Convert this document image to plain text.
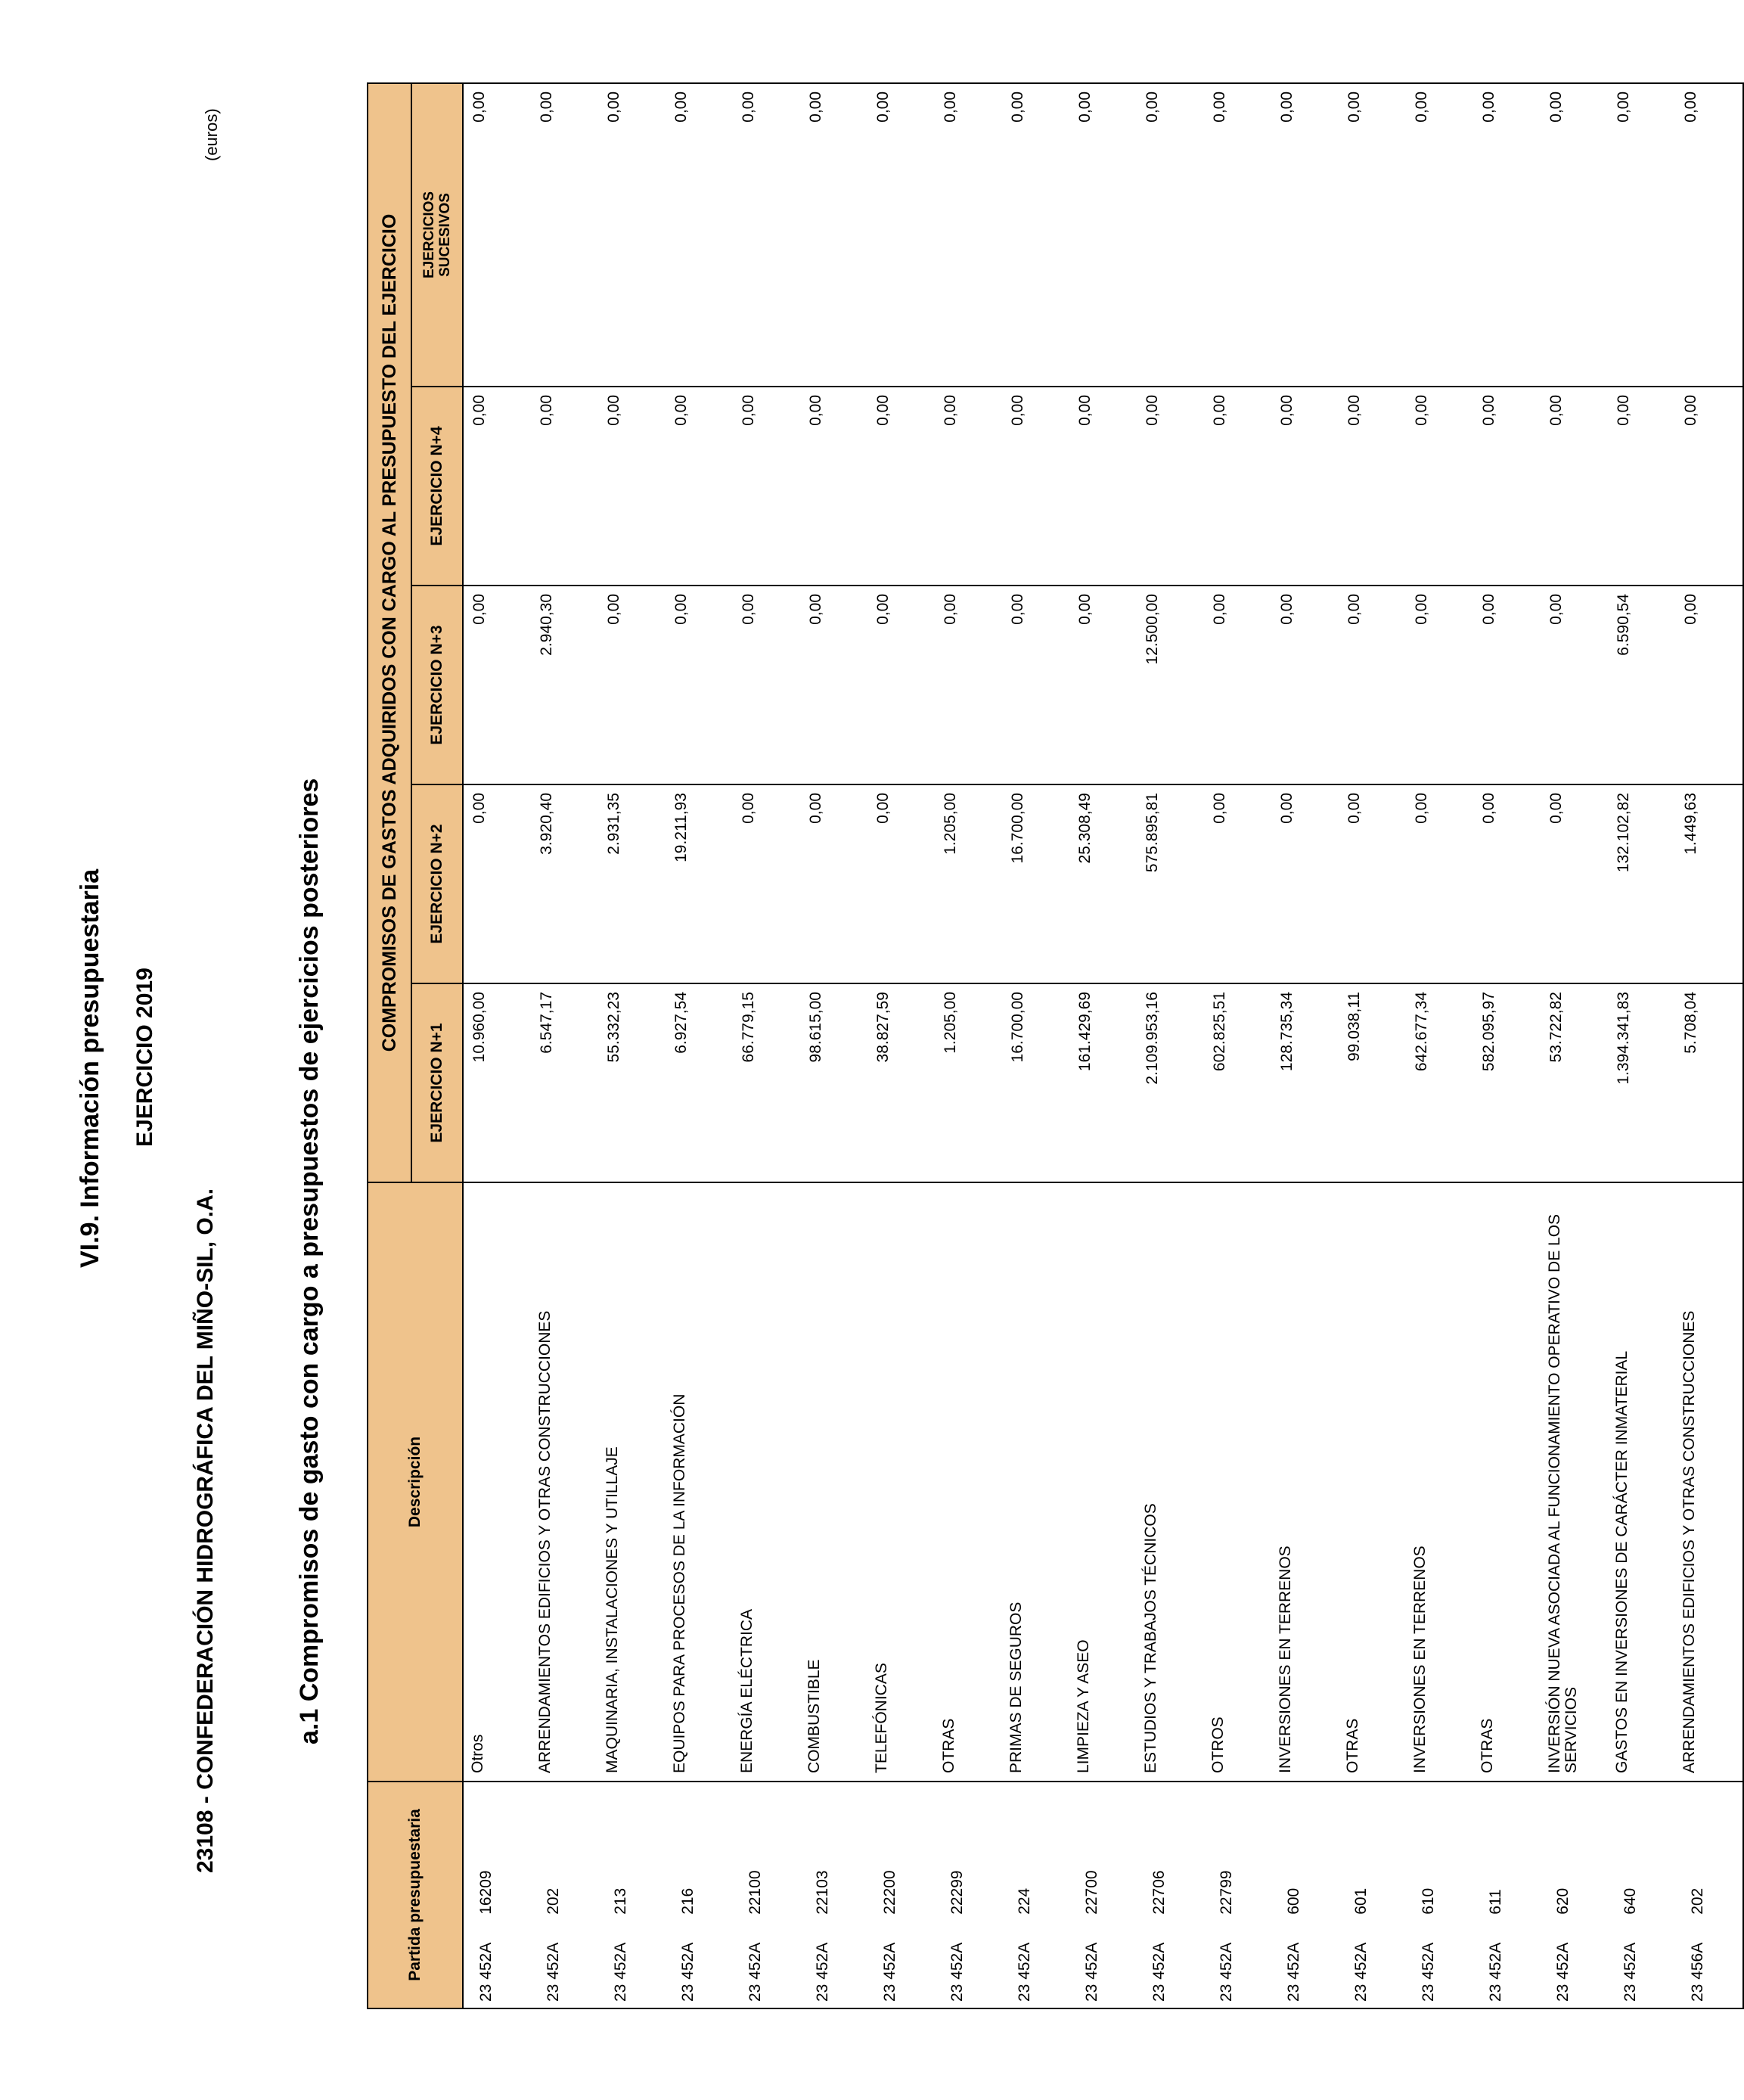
VI.9. Información presupuestaria EJERCICIO 2019
23108 - CONFEDERACIÓN HIDROGRÁFICA DEL MIÑO-SIL, O.A.
(euros)
a.1 Compromisos de gasto con cargo a presupuestos de ejercicios posteriores
Partida presupuestaria	Descripción	COMPROMISOS DE GASTOS ADQUIRIDOS CON CARGO AL PRESUPUESTO DEL EJERCICIO				
		EJERCICIO N+1	EJERCICIO N+2	EJERCICIO N+3	EJERCICIO N+4	EJERCICIOS
SUCESIVOS
23 452A16209	Otros	10.960,00	0,00	0,00	0,00	0,00
23 452A202	ARRENDAMIENTOS EDIFICIOS Y OTRAS CONSTRUCCIONES	6.547,17	3.920,40	2.940,30	0,00	0,00
23 452A213	MAQUINARIA, INSTALACIONES Y UTILLAJE	55.332,23	2.931,35	0,00	0,00	0,00
23 452A216	EQUIPOS PARA PROCESOS DE LA INFORMACIÓN	6.927,54	19.211,93	0,00	0,00	0,00
23 452A22100	ENERGÍA ELÉCTRICA	66.779,15	0,00	0,00	0,00	0,00
23 452A22103	COMBUSTIBLE	98.615,00	0,00	0,00	0,00	0,00
23 452A22200	TELEFÓNICAS	38.827,59	0,00	0,00	0,00	0,00
23 452A22299	OTRAS	1.205,00	1.205,00	0,00	0,00	0,00
23 452A224	PRIMAS DE SEGUROS	16.700,00	16.700,00	0,00	0,00	0,00
23 452A22700	LIMPIEZA Y ASEO	161.429,69	25.308,49	0,00	0,00	0,00
23 452A22706	ESTUDIOS Y TRABAJOS TÉCNICOS	2.109.953,16	575.895,81	12.500,00	0,00	0,00
23 452A22799	OTROS	602.825,51	0,00	0,00	0,00	0,00
23 452A600	INVERSIONES EN TERRENOS	128.735,34	0,00	0,00	0,00	0,00
23 452A601	OTRAS	99.038,11	0,00	0,00	0,00	0,00
23 452A610	INVERSIONES EN TERRENOS	642.677,34	0,00	0,00	0,00	0,00
23 452A611	OTRAS	582.095,97	0,00	0,00	0,00	0,00
23 452A620	INVERSIÓN NUEVA ASOCIADA AL FUNCIONAMIENTO OPERATIVO DE LOS SERVICIOS	53.722,82	0,00	0,00	0,00	0,00
23 452A640	GASTOS EN INVERSIONES DE CARÁCTER INMATERIAL	1.394.341,83	132.102,82	6.590,54	0,00	0,00
23 456A202	ARRENDAMIENTOS EDIFICIOS Y OTRAS CONSTRUCCIONES	5.708,04	1.449,63	0,00	0,00	0,00
